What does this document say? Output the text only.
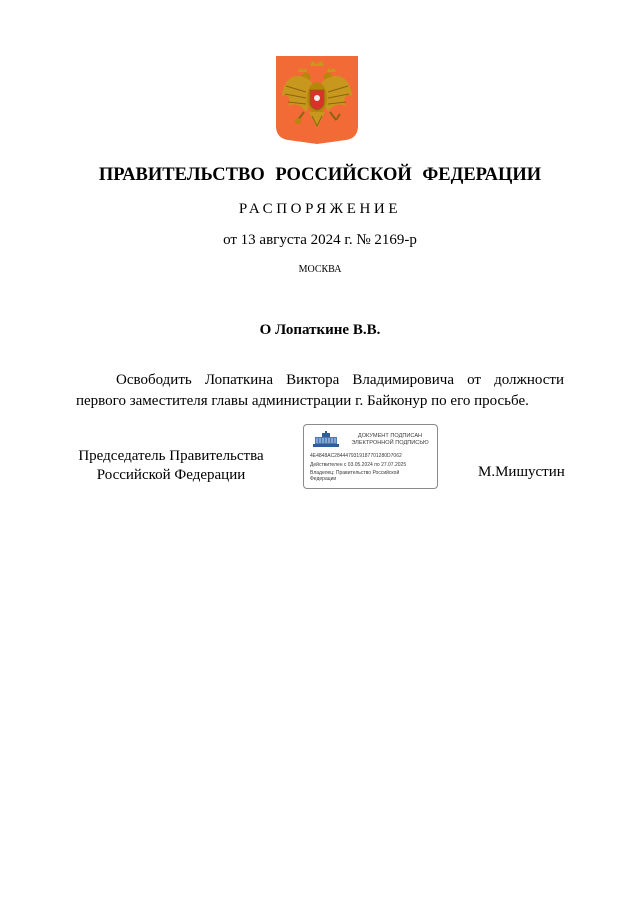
ПРАВИТЕЛЬСТВО РОССИЙСКОЙ ФЕДЕРАЦИИ
РАСПОРЯЖЕНИЕ
от 13 августа 2024 г. № 2169-р
МОСКВА
О Лопаткине В.В.
Освободить Лопаткина Виктора Владимировича от должности
первого заместителя главы администрации г. Байконур по его просьбе.
Председатель Правительства
Российской Федерации
ДОКУМЕНТ ПОДПИСАН
ЭЛЕКТРОННОЙ ПОДПИСЬЮ
4E4848AC2844479319187701280D7062
Действителен с 03.05.2024 по 27.07.2025
Владелец: Правительство Российской
Федерации	М.Мишустин
